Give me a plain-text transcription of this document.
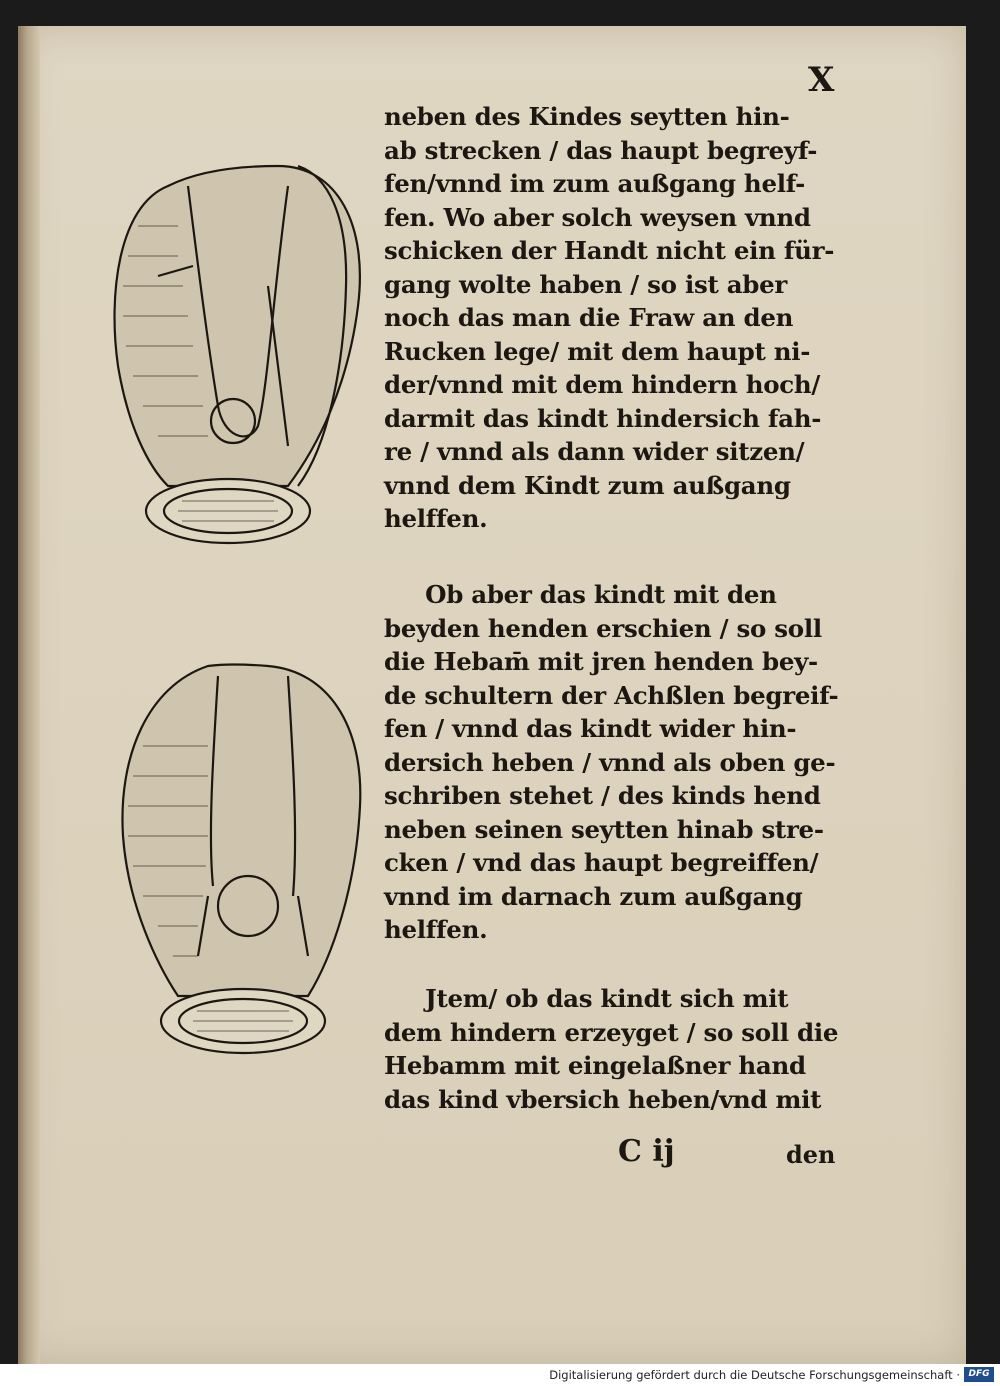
X
neben des Kindes seytten hin-
ab strecken / das haupt begreyf-
fen/vnnd im zum außgang helf-
fen. Wo aber solch weysen vnnd
schicken der Handt nicht ein für-
gang wolte haben / so ist aber
noch das man die Fraw an den
Rucken lege/ mit dem haupt ni-
der/vnnd mit dem hindern hoch/
darmit das kindt hindersich fah-
re / vnnd als dann wider sitzen/
vnnd dem Kindt zum außgang
helffen.
Ob aber das kindt mit den
beyden henden erschien / so soll
die Hebam̄ mit jren henden bey-
de schultern der Achßlen begreif-
fen / vnnd das kindt wider hin-
dersich heben / vnnd als oben ge-
schriben stehet / des kinds hend
neben seinen seytten hinab stre-
cken / vnd das haupt begreiffen/
vnnd im darnach zum außgang
helffen.
Jtem/ ob das kindt sich mit
dem hindern erzeyget / so soll die
Hebamm mit eingelaßner hand
das kind vbersich heben/vnd mit
C ij	den
Digitalisierung gefördert durch die Deutsche Forschungsgemeinschaft · DFG
